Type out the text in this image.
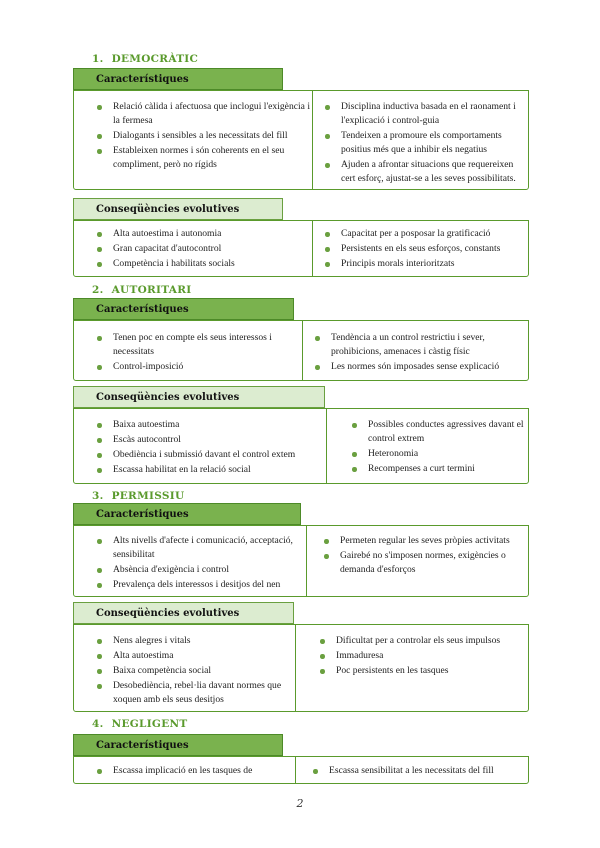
1. DEMOCRÀTIC
Característiques
Relació càlida i afectuosa que inclogui l'exigència i la fermesa
Dialogants i sensibles a les necessitats del fill
Estableixen normes i són coherents en el seu compliment, però no rígids
Disciplina inductiva basada en el raonament i l'explicació i control-guia
Tendeixen a promoure els comportaments positius més que a inhibir els negatius
Ajuden a afrontar situacions que requereixen cert esforç, ajustat-se a les seves possibilitats.
Conseqüències evolutives
Alta autoestima i autonomia
Gran capacitat d'autocontrol
Competència i habilitats socials
Capacitat per a posposar la gratificació
Persistents en els seus esforços, constants
Principis morals interioritzats
2. AUTORITARI
Característiques
Tenen poc en compte els seus interessos i necessitats
Control-imposició
Tendència a un control restrictiu i sever, prohibicions, amenaces i càstig físic
Les normes són imposades sense explicació
Conseqüències evolutives
Baixa autoestima
Escàs autocontrol
Obediència i submissió davant el control extem
Escassa habilitat en la relació social
Possibles conductes agressives davant el control extrem
Heteronomia
Recompenses a curt termini
3. PERMISSIU
Característiques
Alts nivells d'afecte i comunicació, acceptació, sensibilitat
Absència d'exigència i control
Prevalença dels interessos i desitjos del nen
Permeten regular les seves pròpies activitats
Gairebé no s'imposen normes, exigències o demanda d'esforços
Conseqüències evolutives
Nens alegres i vitals
Alta autoestima
Baixa competència social
Desobediència, rebel·lia davant normes que xoquen amb els seus desitjos
Dificultat per a controlar els seus impulsos
Immaduresa
Poc persistents en les tasques
4. NEGLIGENT
Característiques
Escassa implicació en les tasques de	Escassa sensibilitat a les necessitats del fill
2
